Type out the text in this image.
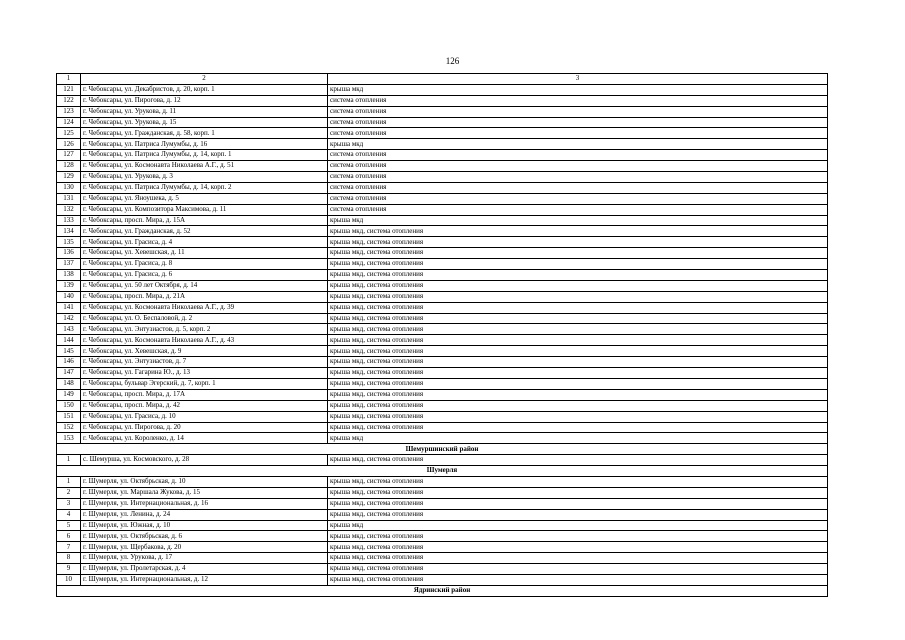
126
1	2	3
121	г. Чебоксары, ул. Декабристов, д. 20, корп. 1	крыша мкд
122	г. Чебоксары, ул. Пирогова, д. 12	система отопления
123	г. Чебоксары, ул. Урукова, д. 11	система отопления
124	г. Чебоксары, ул. Урукова, д. 15	система отопления
125	г. Чебоксары, ул. Гражданская, д. 58, корп. 1	система отопления
126	г. Чебоксары, ул. Патриса Лумумбы, д. 16	крыша мкд
127	г. Чебоксары, ул. Патриса Лумумбы, д. 14, корп. 1	система отопления
128	г. Чебоксары, ул. Космонавта Николаева А.Г., д. 51	система отопления
129	г. Чебоксары, ул. Урукова, д. 3	система отопления
130	г. Чебоксары, ул. Патриса Лумумбы, д. 14, корп. 2	система отопления
131	г. Чебоксары, ул. Яноушека, д. 5	система отопления
132	г. Чебоксары, ул. Композитора Максимова, д. 11	система отопления
133	г. Чебоксары, просп. Мира, д. 15А	крыша мкд
134	г. Чебоксары, ул. Гражданская, д. 52	крыша мкд, система отопления
135	г. Чебоксары, ул. Грасиса, д. 4	крыша мкд, система отопления
136	г. Чебоксары, ул. Хевешская, д. 11	крыша мкд, система отопления
137	г. Чебоксары, ул. Грасиса, д. 8	крыша мкд, система отопления
138	г. Чебоксары, ул. Грасиса, д. 6	крыша мкд, система отопления
139	г. Чебоксары, ул. 50 лет Октября, д. 14	крыша мкд, система отопления
140	г. Чебоксары, просп. Мира, д. 21А	крыша мкд, система отопления
141	г. Чебоксары, ул. Космонавта Николаева А.Г., д. 39	крыша мкд, система отопления
142	г. Чебоксары, ул. О. Беспаловой, д. 2	крыша мкд, система отопления
143	г. Чебоксары, ул. Энтузиастов, д. 5, корп. 2	крыша мкд, система отопления
144	г. Чебоксары, ул. Космонавта Николаева А.Г., д. 43	крыша мкд, система отопления
145	г. Чебоксары, ул. Хевешская, д. 9	крыша мкд, система отопления
146	г. Чебоксары, ул. Энтузиастов, д. 7	крыша мкд, система отопления
147	г. Чебоксары, ул. Гагарина Ю., д. 13	крыша мкд, система отопления
148	г. Чебоксары, бульвар Эгерский, д. 7, корп. 1	крыша мкд, система отопления
149	г. Чебоксары, просп. Мира, д. 17А	крыша мкд, система отопления
150	г. Чебоксары, просп. Мира, д. 42	крыша мкд, система отопления
151	г. Чебоксары, ул. Грасиса, д. 10	крыша мкд, система отопления
152	г. Чебоксары, ул. Пирогова, д. 20	крыша мкд, система отопления
153	г. Чебоксары, ул. Короленко, д. 14	крыша мкд
Шемуршинский район		
1	с. Шемурша, ул. Космовского, д. 28	крыша мкд, система отопления
Шумерля		
1	г. Шумерля, ул. Октябрьская, д. 10	крыша мкд, система отопления
2	г. Шумерля, ул. Маршала Жукова, д. 15	крыша мкд, система отопления
3	г. Шумерля, ул. Интернациональная, д. 16	крыша мкд, система отопления
4	г. Шумерля, ул. Ленина, д. 24	крыша мкд, система отопления
5	г. Шумерля, ул. Южная, д. 10	крыша мкд
6	г. Шумерля, ул. Октябрьская, д. 6	крыша мкд, система отопления
7	г. Шумерля, ул. Щербакова, д. 20	крыша мкд, система отопления
8	г. Шумерля, ул. Урукова, д. 17	крыша мкд, система отопления
9	г. Шумерля, ул. Пролетарская, д. 4	крыша мкд, система отопления
10	г. Шумерля, ул. Интернациональная, д. 12	крыша мкд, система отопления
Ядринский район		
